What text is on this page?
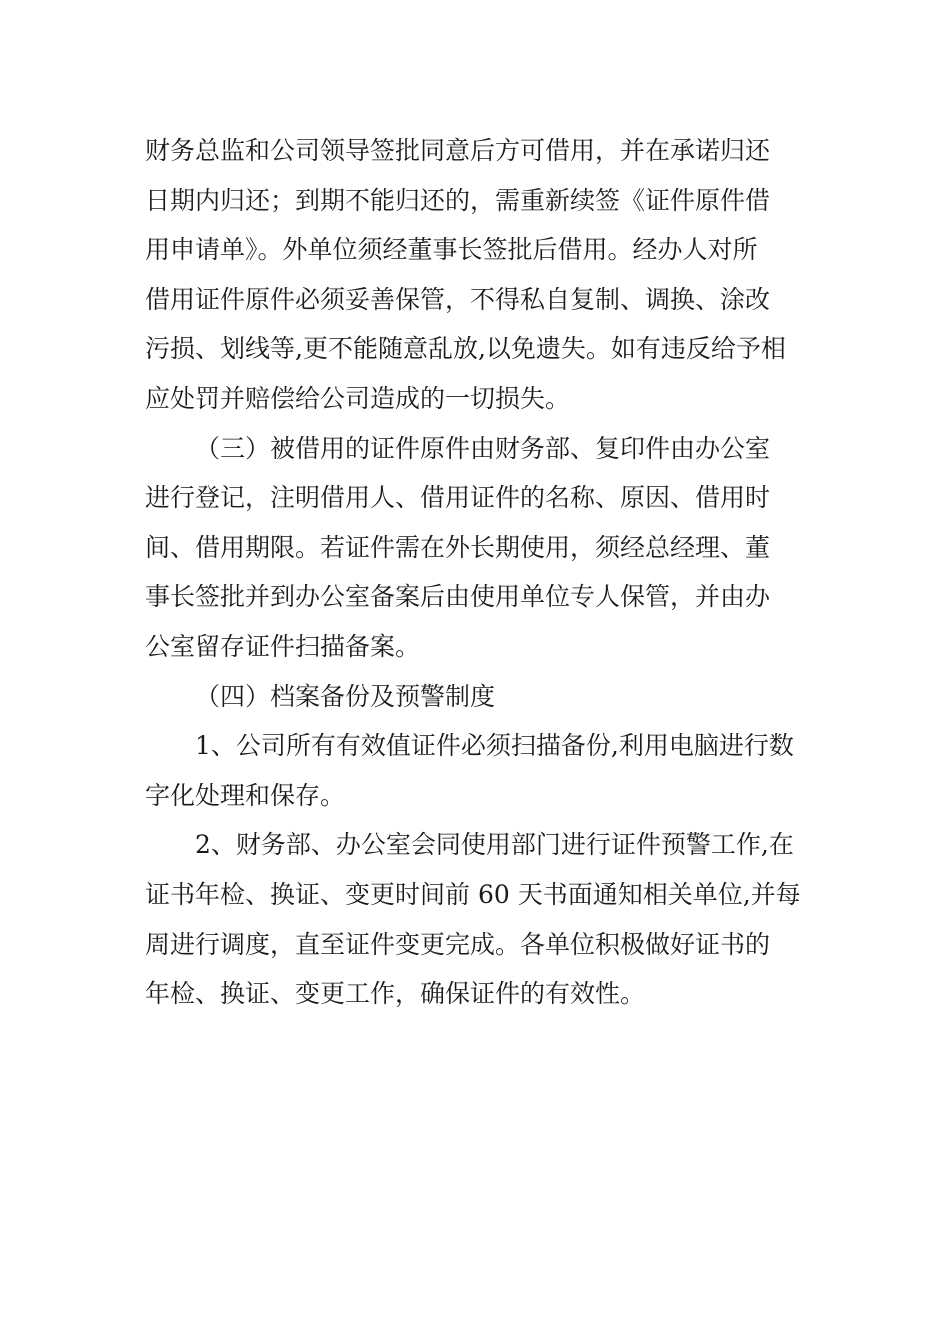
财务总监和公司领导签批同意后方可借用，并在承诺归还
日期内归还；到期不能归还的，需重新续签《证件原件借
用申请单》。外单位须经董事长签批后借用。经办人对所
借用证件原件必须妥善保管，不得私自复制、调换、涂改
污损、划线等,更不能随意乱放,以免遗失。如有违反给予相
应处罚并赔偿给公司造成的一切损失。
（三）被借用的证件原件由财务部、复印件由办公室
进行登记，注明借用人、借用证件的名称、原因、借用时
间、借用期限。若证件需在外长期使用，须经总经理、董
事长签批并到办公室备案后由使用单位专人保管，并由办
公室留存证件扫描备案。
（四）档案备份及预警制度
1、公司所有有效值证件必须扫描备份,利用电脑进行数
字化处理和保存。
2、财务部、办公室会同使用部门进行证件预警工作,在
证书年检、换证、变更时间前 60 天书面通知相关单位,并每
周进行调度，直至证件变更完成。各单位积极做好证书的
年检、换证、变更工作，确保证件的有效性。
